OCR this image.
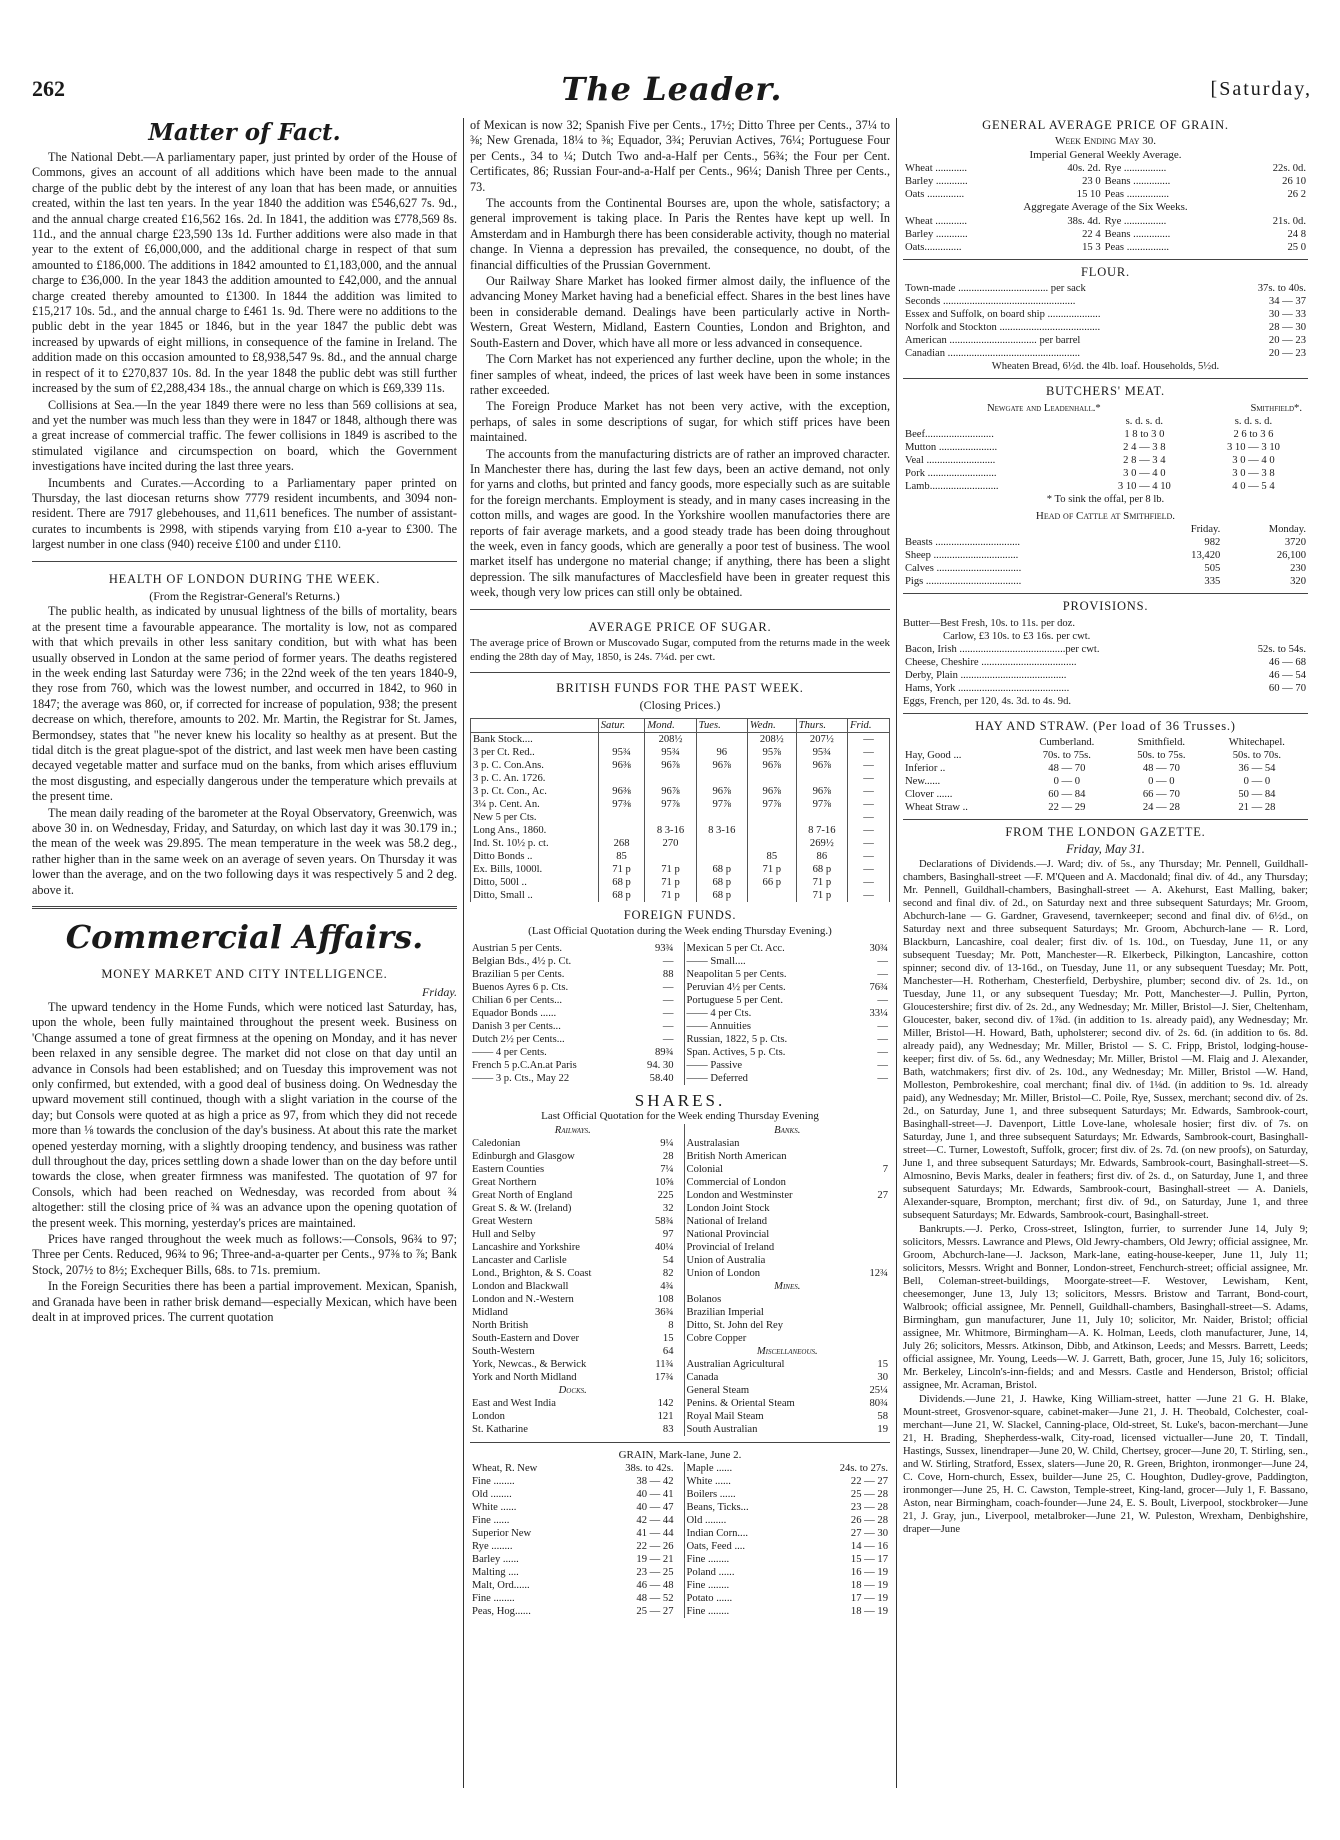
262	The Leader.	[Saturday,
Matter of Fact.

The National Debt.—A parliamentary paper, just printed by order of the House of Commons, gives an account of all additions which have been made to the annual charge of the public debt by the interest of any loan that has been made, or annuities created, within the last ten years. In the year 1840 the addition was £546,627 7s. 9d., and the annual charge created £16,562 16s. 2d. In 1841, the addition was £778,569 8s. 11d., and the annual charge £23,590 13s 1d. Further additions were also made in that year to the extent of £6,000,000, and the additional charge in respect of that sum amounted to £186,000. The additions in 1842 amounted to £1,183,000, and the annual charge to £36,000. In the year 1843 the addition amounted to £42,000, and the annual charge created thereby amounted to £1300. In 1844 the addition was limited to £15,217 10s. 5d., and the annual charge to £461 1s. 9d. There were no additions to the public debt in the year 1845 or 1846, but in the year 1847 the public debt was increased by upwards of eight millions, in consequence of the famine in Ireland. The addition made on this occasion amounted to £8,938,547 9s. 8d., and the annual charge in respect of it to £270,837 10s. 8d. In the year 1848 the public debt was still further increased by the sum of £2,288,434 18s., the annual charge on which is £69,339 11s.

Collisions at Sea.—In the year 1849 there were no less than 569 collisions at sea, and yet the number was much less than they were in 1847 or 1848, although there was a great increase of commercial traffic. The fewer collisions in 1849 is ascribed to the stimulated vigilance and circumspection on board, which the Government investigations have incited during the last three years.

Incumbents and Curates.—According to a Parliamentary paper printed on Thursday, the last diocesan returns show 7779 resident incumbents, and 3094 non-resident. There are 7917 glebehouses, and 11,611 benefices. The number of assistant-curates to incumbents is 2998, with stipends varying from £10 a-year to £300. The largest number in one class (940) receive £100 and under £110.

HEALTH OF LONDON DURING THE WEEK.
(From the Registrar-General's Returns.)

The public health, as indicated by unusual lightness of the bills of mortality, bears at the present time a favourable appearance. The mortality is low, not as compared with that which prevails in other less sanitary condition, but with what has been usually observed in London at the same period of former years. The deaths registered in the week ending last Saturday were 736; in the 22nd week of the ten years 1840-9, they rose from 760, which was the lowest number, and occurred in 1842, to 960 in 1847; the average was 860, or, if corrected for increase of population, 938; the present decrease on which, therefore, amounts to 202. Mr. Martin, the Registrar for St. James, Bermondsey, states that "he never knew his locality so healthy as at present. But the tidal ditch is the great plague-spot of the district, and last week men have been casting decayed vegetable matter and surface mud on the banks, from which arises effluvium the most disgusting, and especially dangerous under the temperature which prevails at the present time.

The mean daily reading of the barometer at the Royal Observatory, Greenwich, was above 30 in. on Wednesday, Friday, and Saturday, on which last day it was 30.179 in.; the mean of the week was 29.895. The mean temperature in the week was 58.2 deg., rather higher than in the same week on an average of seven years. On Thursday it was lower than the average, and on the two following days it was respectively 5 and 2 deg. above it.

Commercial Affairs.
MONEY MARKET AND CITY INTELLIGENCE.
Friday.

The upward tendency in the Home Funds, which were noticed last Saturday, has, upon the whole, been fully maintained throughout the present week. Business on 'Change assumed a tone of great firmness at the opening on Monday, and it has never been relaxed in any sensible degree. The market did not close on that day until an advance in Consols had been established; and on Tuesday this improvement was not only confirmed, but extended, with a good deal of business doing. On Wednesday the upward movement still continued, though with a slight variation in the course of the day; but Consols were quoted at as high a price as 97, from which they did not recede more than ⅛ towards the conclusion of the day's business. At about this rate the market opened yesterday morning, with a slightly drooping tendency, and business was rather dull throughout the day, prices settling down a shade lower than on the day before until towards the close, when greater firmness was manifested. The quotation of 97 for Consols, which had been reached on Wednesday, was recorded from about ¾ altogether: still the closing price of ¾ was an advance upon the opening quotation of the present week. This morning, yesterday's prices are maintained.

Prices have ranged throughout the week much as follows:—Consols, 96¾ to 97; Three per Cents. Reduced, 96¾ to 96; Three-and-a-quarter per Cents., 97⅜ to ⅞; Bank Stock, 207½ to 8½; Exchequer Bills, 68s. to 71s. premium.

In the Foreign Securities there has been a partial improvement. Mexican, Spanish, and Granada have been in rather brisk demand—especially Mexican, which have been dealt in at improved prices. The current quotation

of Mexican is now 32; Spanish Five per Cents., 17½; Ditto Three per Cents., 37¼ to ⅜; New Grenada, 18¼ to ⅜; Equador, 3¾; Peruvian Actives, 76¼; Portuguese Four per Cents., 34 to ¼; Dutch Two and-a-Half per Cents., 56¾; the Four per Cent. Certificates, 86; Russian Four-and-a-Half per Cents., 96¼; Danish Three per Cents., 73.

The accounts from the Continental Bourses are, upon the whole, satisfactory; a general improvement is taking place. In Paris the Rentes have kept up well. In Amsterdam and in Hamburgh there has been considerable activity, though no material change. In Vienna a depression has prevailed, the consequence, no doubt, of the financial difficulties of the Prussian Government.

Our Railway Share Market has looked firmer almost daily, the influence of the advancing Money Market having had a beneficial effect. Shares in the best lines have been in considerable demand. Dealings have been particularly active in North-Western, Great Western, Midland, Eastern Counties, London and Brighton, and South-Eastern and Dover, which have all more or less advanced in consequence.

The Corn Market has not experienced any further decline, upon the whole; in the finer samples of wheat, indeed, the prices of last week have been in some instances rather exceeded.

The Foreign Produce Market has not been very active, with the exception, perhaps, of sales in some descriptions of sugar, for which stiff prices have been maintained.

The accounts from the manufacturing districts are of rather an improved character. In Manchester there has, during the last few days, been an active demand, not only for yarns and cloths, but printed and fancy goods, more especially such as are suitable for the foreign merchants. Employment is steady, and in many cases increasing in the cotton mills, and wages are good. In the Yorkshire woollen manufactories there are reports of fair average markets, and a good steady trade has been doing throughout the week, even in fancy goods, which are generally a poor test of business. The wool market itself has undergone no material change; if anything, there has been a slight depression. The silk manufactures of Macclesfield have been in greater request this week, though very low prices can still only be obtained.

AVERAGE PRICE OF SUGAR.
The average price of Brown or Muscovado Sugar, computed from the returns made in the week ending the 28th day of May, 1850, is 24s. 7¼d. per cwt.
BRITISH FUNDS FOR THE PAST WEEK.
(Closing Prices.)
	Satur.	Mond.	Tues.	Wedn.	Thurs.	Frid.
Bank Stock....		208½		208½	207½	—
3 per Ct. Red..	95¾	95¾	96	95⅞	95¾	—
3 p. C. Con.Ans.	96⅜	96⅞	96⅞	96⅞	96⅞	—
3 p. C. An. 1726.						—
3 p. Ct. Con., Ac.	96⅜	96⅞	96⅞	96⅞	96⅞	—
3¼ p. Cent. An.	97⅜	97⅞	97⅞	97⅞	97⅞	—
New 5 per Cts.						—
Long Ans., 1860.		8 3-16	8 3-16		8 7-16	—
Ind. St. 10½ p. ct.	268	270			269½	—
Ditto Bonds ..	85			85	86	—
Ex. Bills, 1000l.	71 p	71 p	68 p	71 p	68 p	—
Ditto, 500l ..	68 p	71 p	68 p	66 p	71 p	—
Ditto, Small ..	68 p	71 p	68 p		71 p	—
FOREIGN FUNDS.
(Last Official Quotation during the Week ending Thursday Evening.)
Austrian 5 per Cents.	93¾
Belgian Bds., 4½ p. Ct.	—
Brazilian 5 per Cents.	88
Buenos Ayres 6 p. Cts.	—
Chilian 6 per Cents...	—
Equador Bonds ......	—
Danish 3 per Cents...	—
Dutch 2½ per Cents...	—
—— 4 per Cents.	89¾
French 5 p.C.An.at Paris	94. 30
—— 3 p. Cts., May 22	58.40
Mexican 5 per Ct. Acc.	30¾
—— Small....	—
Neapolitan 5 per Cents.	—
Peruvian 4½ per Cents.	76¾
Portuguese 5 per Cent.	—
—— 4 per Cts.	33¼
—— Annuities	—
Russian, 1822, 5 p. Cts.	—
Span. Actives, 5 p. Cts.	—
—— Passive	—
—— Deferred	—
SHARES.
Last Official Quotation for the Week ending Thursday Evening
Railways.
Caledonian	9¼
Edinburgh and Glasgow	28
Eastern Counties	7¼
Great Northern	10⅝
Great North of England	225
Great S. & W. (Ireland)	32
Great Western	58¾
Hull and Selby	97
Lancashire and Yorkshire	40¼
Lancaster and Carlisle	54
Lond., Brighton, & S. Coast	82
London and Blackwall	4¾
London and N.-Western	108
Midland	36¾
North British	8
South-Eastern and Dover	15
South-Western	64
York, Newcas., & Berwick	11¾
York and North Midland	17¾
Docks.
East and West India	142
London	121
St. Katharine	83
Banks.
Australasian	
British North American	
Colonial	7
Commercial of London	
London and Westminster	27
London Joint Stock	
National of Ireland	
National Provincial	
Provincial of Ireland	
Union of Australia	
Union of London	12¾
Mines.
Bolanos	
Brazilian Imperial	
Ditto, St. John del Rey	
Cobre Copper	
Miscellaneous.
Australian Agricultural	15
Canada	30
General Steam	25¼
Penins. & Oriental Steam	80¾
Royal Mail Steam	58
South Australian	19
GRAIN, Mark-lane, June 2.
Wheat, R. New	38s. to 42s.
Fine ........	38 — 42
Old ........	40 — 41
White ......	40 — 47
Fine ......	42 — 44
Superior New	41 — 44
Rye ........	22 — 26
Barley ......	19 — 21
Malting ....	23 — 25
Malt, Ord......	46 — 48
Fine ........	48 — 52
Peas, Hog......	25 — 27
Maple ......	24s. to 27s.
White ......	22 — 27
Boilers ......	25 — 28
Beans, Ticks...	23 — 28
Old ........	26 — 28
Indian Corn....	27 — 30
Oats, Feed ....	14 — 16
Fine ........	15 — 17
Poland ......	16 — 19
Fine ........	18 — 19
Potato ......	17 — 19
Fine ........	18 — 19
GENERAL AVERAGE PRICE OF GRAIN.
Week Ending May 30.
Imperial General Weekly Average.
Wheat ............	40s. 2d.	Rye ................	22s. 0d.
Barley ............	23 0	Beans ..............	26 10
Oats ..............	15 10	Peas ................	26 2
Aggregate Average of the Six Weeks.
Wheat ............	38s. 4d.	Rye ................	21s. 0d.
Barley ............	22 4	Beans ..............	24 8
Oats..............	15 3	Peas ................	25 0
FLOUR.
Town-made .................................. per sack	37s. to 40s.
Seconds ..................................................	34 — 37
Essex and Suffolk, on board ship ....................	30 — 33
Norfolk and Stockton ......................................	28 — 30
American ................................. per barrel	20 — 23
Canadian ..................................................	20 — 23
Wheaten Bread, 6½d. the 4lb. loaf. Households, 5½d.
BUTCHERS' MEAT.
Newgate and Leadenhall.*	Smithfield*.
	s. d. s. d.	s. d. s. d.
Beef..........................	1 8 to 3 0	2 6 to 3 6
Mutton ......................	2 4 — 3 8	3 10 — 3 10
Veal ..........................	2 8 — 3 4	3 0 — 4 0
Pork ..........................	3 0 — 4 0	3 0 — 3 8
Lamb..........................	3 10 — 4 10	4 0 — 5 4
* To sink the offal, per 8 lb.
Head of Cattle at Smithfield.
	Friday.	Monday.
Beasts ................................	982	3720
Sheep ................................	13,420	26,100
Calves ................................	505	230
Pigs ....................................	335	320
PROVISIONS.
Butter—Best Fresh, 10s. to 11s. per doz.
Carlow, £3 10s. to £3 16s. per cwt.
Bacon, Irish ........................................per cwt.	52s. to 54s.
Cheese, Cheshire ....................................	46 — 68
Derby, Plain ........................................	46 — 54
Hams, York ..........................................	60 — 70
Eggs, French, per 120, 4s. 3d. to 4s. 9d.
HAY AND STRAW. (Per load of 36 Trusses.)
	Cumberland.	Smithfield.	Whitechapel.
Hay, Good ...	70s. to 75s.	50s. to 75s.	50s. to 70s.
Inferior ..	48 — 70	48 — 70	36 — 54
New......	0 — 0	0 — 0	0 — 0
Clover ......	60 — 84	66 — 70	50 — 84
Wheat Straw ..	22 — 29	24 — 28	21 — 28
FROM THE LONDON GAZETTE.
Friday, May 31.

Declarations of Dividends.—J. Ward; div. of 5s., any Thursday; Mr. Pennell, Guildhall-chambers, Basinghall-street —F. M'Queen and A. Macdonald; final div. of 4d., any Thursday; Mr. Pennell, Guildhall-chambers, Basinghall-street — A. Akehurst, East Malling, baker; second and final div. of 2d., on Saturday next and three subsequent Saturdays; Mr. Groom, Abchurch-lane — G. Gardner, Gravesend, tavernkeeper; second and final div. of 6½d., on Saturday next and three subsequent Saturdays; Mr. Groom, Abchurch-lane — R. Lord, Blackburn, Lancashire, coal dealer; first div. of 1s. 10d., on Tuesday, June 11, or any subsequent Tuesday; Mr. Pott, Manchester—R. Elkerbeck, Pilkington, Lancashire, cotton spinner; second div. of 13-16d., on Tuesday, June 11, or any subsequent Tuesday; Mr. Pott, Manchester—H. Rotherham, Chesterfield, Derbyshire, plumber; second div. of 2s. 1d., on Tuesday, June 11, or any subsequent Tuesday; Mr. Pott, Manchester—J. Pullin, Pyrton, Gloucestershire; first div. of 2s. 2d., any Wednesday; Mr. Miller, Bristol—J. Sier, Cheltenham, Gloucester, baker, second div. of 1⅞d. (in addition to 1s. already paid), any Wednesday; Mr. Miller, Bristol—H. Howard, Bath, upholsterer; second div. of 2s. 6d. (in addition to 6s. 8d. already paid), any Wednesday; Mr. Miller, Bristol — S. C. Fripp, Bristol, lodging-house-keeper; first div. of 5s. 6d., any Wednesday; Mr. Miller, Bristol —M. Flaig and J. Alexander, Bath, watchmakers; first div. of 2s. 10d., any Wednesday; Mr. Miller, Bristol —W. Hand, Molleston, Pembrokeshire, coal merchant; final div. of 1⅛d. (in addition to 9s. 1d. already paid), any Wednesday; Mr. Miller, Bristol—C. Poile, Rye, Sussex, merchant; second div. of 2s. 2d., on Saturday, June 1, and three subsequent Saturdays; Mr. Edwards, Sambrook-court, Basinghall-street—J. Davenport, Little Love-lane, wholesale hosier; first div. of 7s. on Saturday, June 1, and three subsequent Saturdays; Mr. Edwards, Sambrook-court, Basinghall-street—C. Turner, Lowestoft, Suffolk, grocer; first div. of 2s. 7d. (on new proofs), on Saturday, June 1, and three subsequent Saturdays; Mr. Edwards, Sambrook-court, Basinghall-street—S. Almosnino, Bevis Marks, dealer in feathers; first div. of 2s. d., on Saturday, June 1, and three subsequent Saturdays; Mr. Edwards, Sambrook-court, Basinghall-street — A. Daniels, Alexander-square, Brompton, merchant; first div. of 9d., on Saturday, June 1, and three subsequent Saturdays; Mr. Edwards, Sambrook-court, Basinghall-street.

Bankrupts.—J. Perko, Cross-street, Islington, furrier, to surrender June 14, July 9; solicitors, Messrs. Lawrance and Plews, Old Jewry-chambers, Old Jewry; official assignee, Mr. Groom, Abchurch-lane—J. Jackson, Mark-lane, eating-house-keeper, June 11, July 11; solicitors, Messrs. Wright and Bonner, London-street, Fenchurch-street; official assignee, Mr. Bell, Coleman-street-buildings, Moorgate-street—F. Westover, Lewisham, Kent, cheesemonger, June 13, July 13; solicitors, Messrs. Bristow and Tarrant, Bond-court, Walbrook; official assignee, Mr. Pennell, Guildhall-chambers, Basinghall-street—S. Adams, Birmingham, gun manufacturer, June 11, July 10; solicitor, Mr. Naider, Bristol; official assignee, Mr. Whitmore, Birmingham—A. K. Holman, Leeds, cloth manufacturer, June, 14, July 26; solicitors, Messrs. Atkinson, Dibb, and Atkinson, Leeds; and Messrs. Barrett, Leeds; official assignee, Mr. Young, Leeds—W. J. Garrett, Bath, grocer, June 15, July 16; solicitors, Mr. Berkeley, Lincoln's-inn-fields; and and Messrs. Castle and Henderson, Bristol; official assignee, Mr. Acraman, Bristol.

Dividends.—June 21, J. Hawke, King William-street, hatter —June 21 G. H. Blake, Mount-street, Grosvenor-square, cabinet-maker—June 21, J. H. Theobald, Colchester, coal-merchant—June 21, W. Slackel, Canning-place, Old-street, St. Luke's, bacon-merchant—June 21, H. Brading, Shepherdess-walk, City-road, licensed victualler—June 20, T. Tindall, Hastings, Sussex, linendraper—June 20, W. Child, Chertsey, grocer—June 20, T. Stirling, sen., and W. Stirling, Stratford, Essex, slaters—June 20, R. Green, Brighton, ironmonger—June 24, C. Cove, Horn-church, Essex, builder—June 25, C. Houghton, Dudley-grove, Paddington, ironmonger—June 25, H. C. Cawston, Temple-street, King-land, grocer—July 1, F. Bassano, Aston, near Birmingham, coach-founder—June 24, E. S. Boult, Liverpool, stockbroker—June 21, J. Gray, jun., Liverpool, metalbroker—June 21, W. Puleston, Wrexham, Denbighshire, draper—June
